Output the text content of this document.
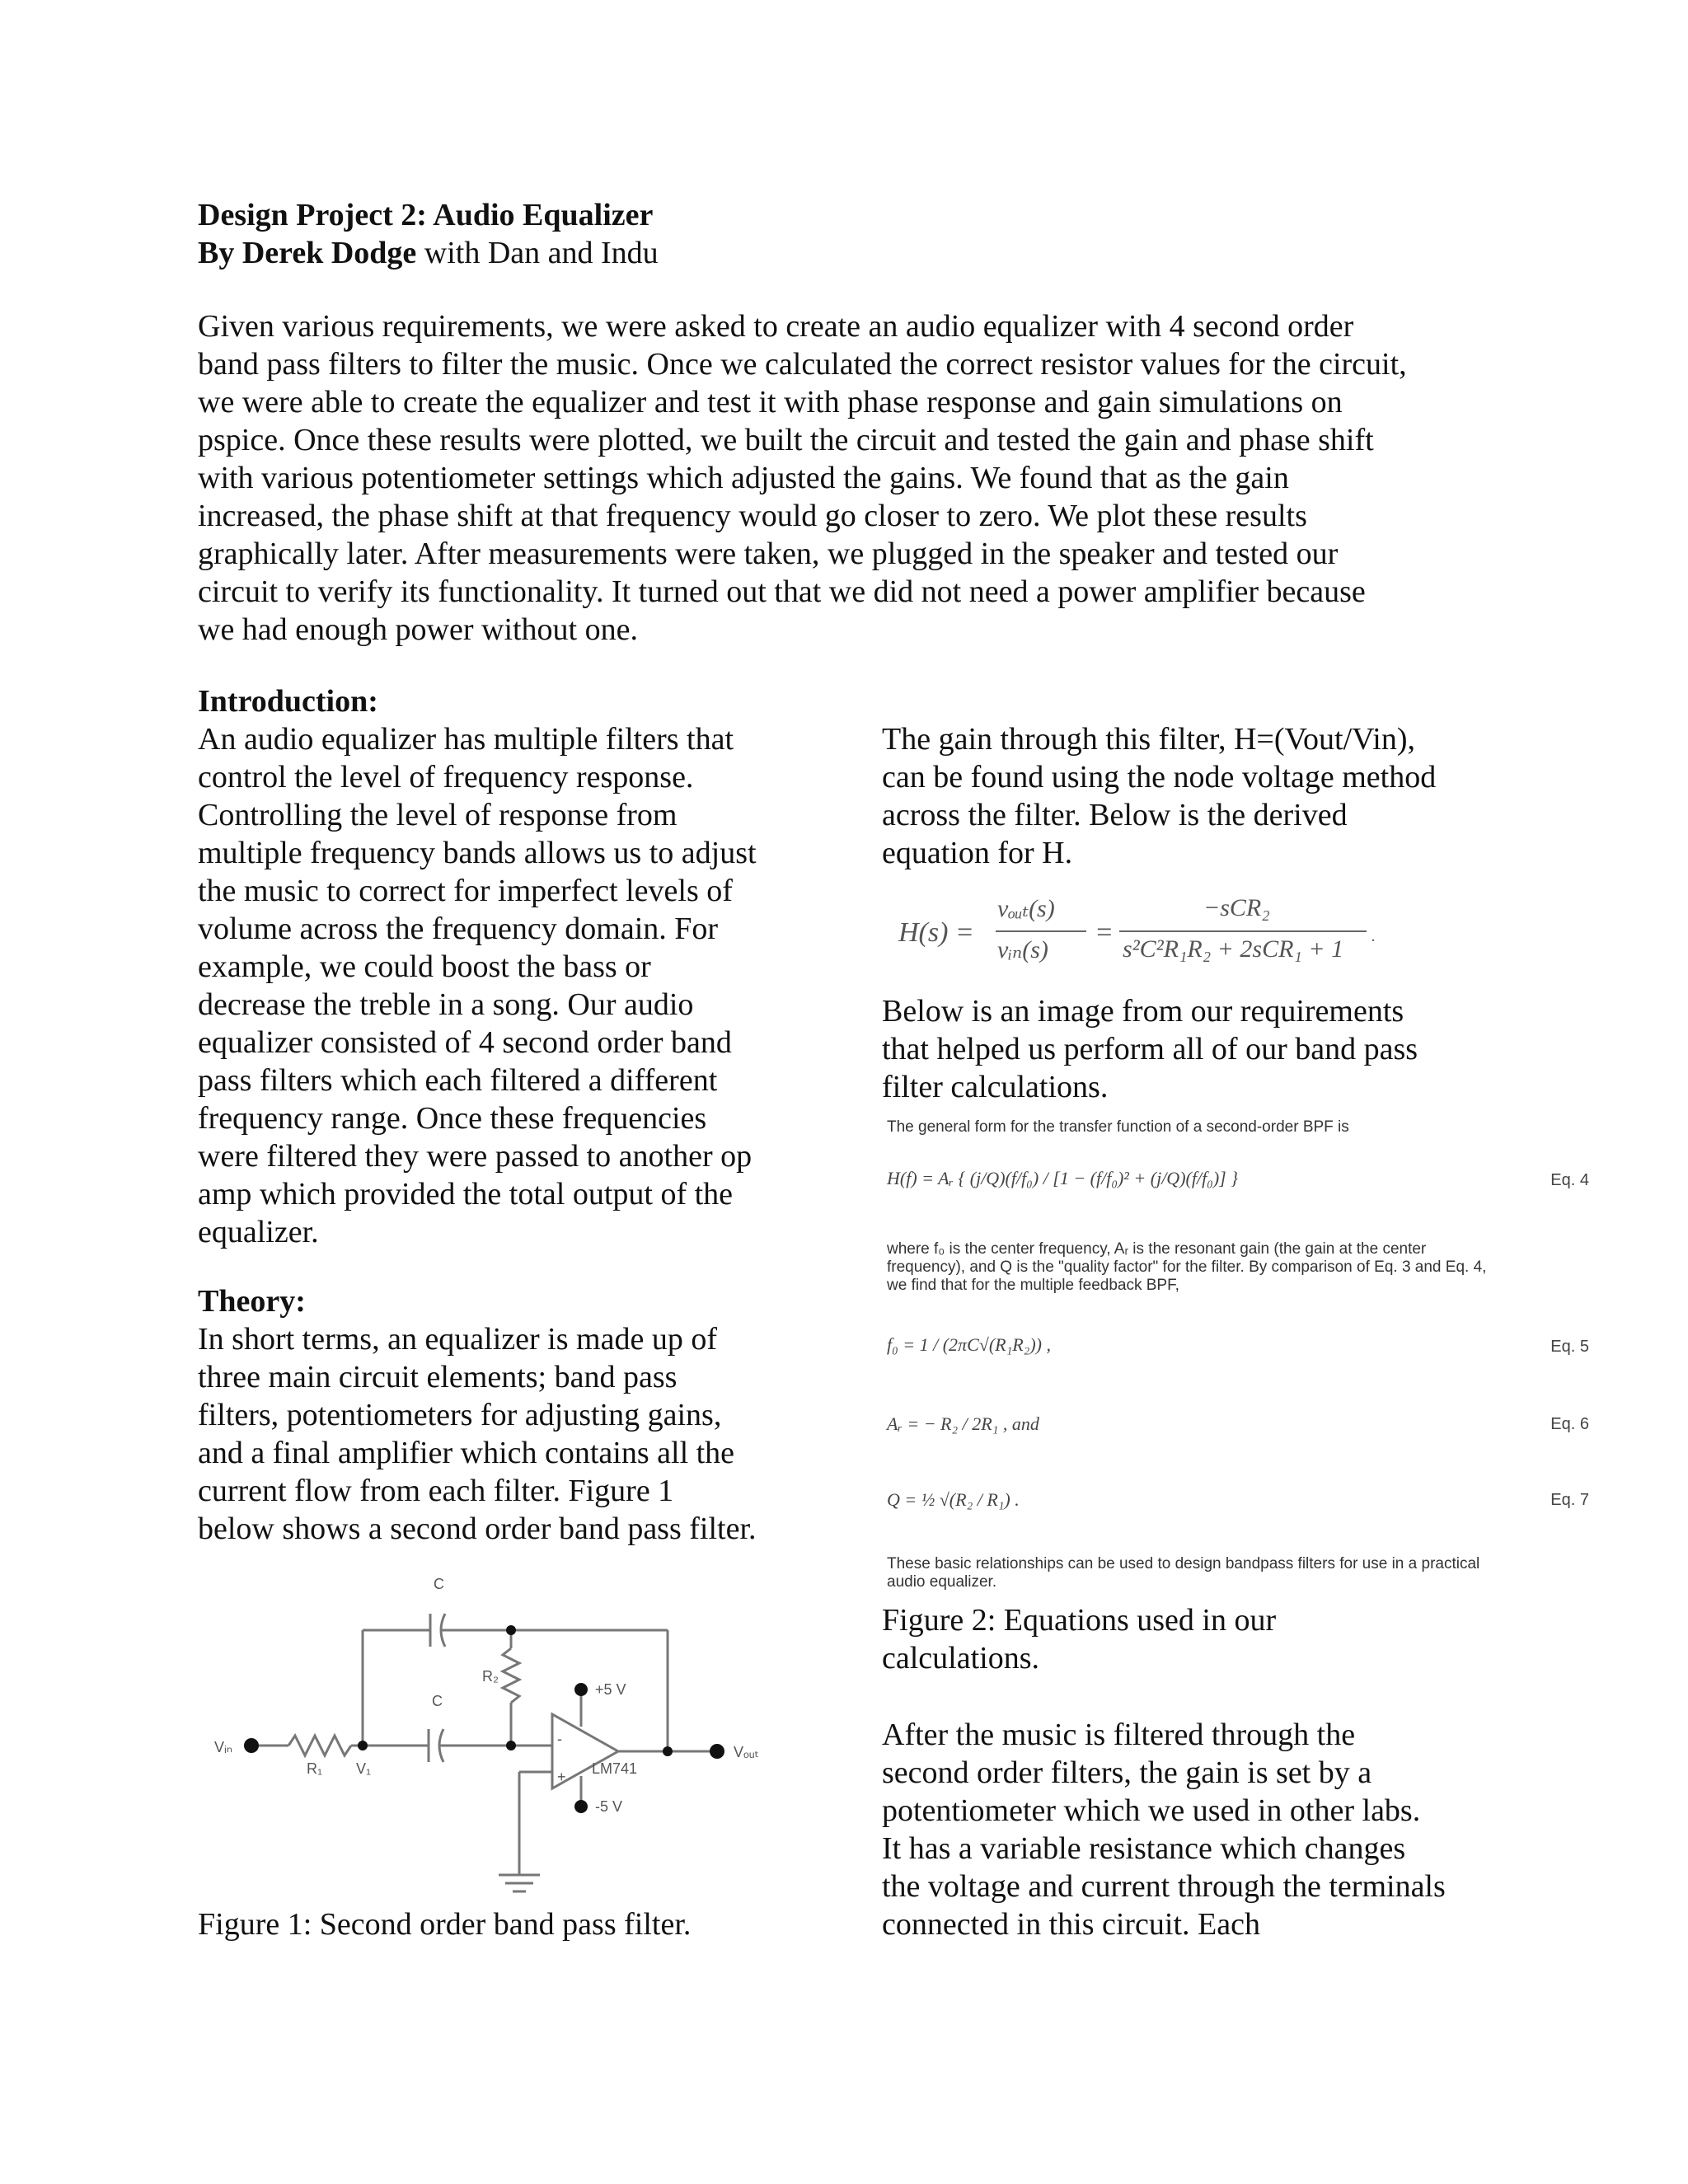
Design Project 2: Audio Equalizer

By Derek Dodge with Dan and Indu

Given various requirements, we were asked to create an audio equalizer with 4 second order

band pass filters to filter the music. Once we calculated the correct resistor values for the circuit,

we were able to create the equalizer and test it with phase response and gain simulations on

pspice. Once these results were plotted, we built the circuit and tested the gain and phase shift

with various potentiometer settings which adjusted the gains. We found that as the gain

increased, the phase shift at that frequency would go closer to zero. We plot these results

graphically later. After measurements were taken, we plugged in the speaker and tested our

circuit to verify its functionality. It turned out that we did not need a power amplifier because

we had enough power without one.

Introduction:

An audio equalizer has multiple filters that

control the level of frequency response.

Controlling the level of response from

multiple frequency bands allows us to adjust

the music to correct for imperfect levels of

volume across the frequency domain. For

example, we could boost the bass or

decrease the treble in a song. Our audio

equalizer consisted of 4 second order band

pass filters which each filtered a different

frequency range. Once these frequencies

were filtered they were passed to another op

amp which provided the total output of the

equalizer.

Theory:

In short terms, an equalizer is made up of

three main circuit elements; band pass

filters, potentiometers for adjusting gains,

and a final amplifier which contains all the

current flow from each filter. Figure 1

below shows a second order band pass filter.

C
C
R₂
R₁ V₁
Vᵢₙ	Vₒᵤₜ
+5 V
-5 V
LM741
-
+

Figure 1: Second order band pass filter.

The gain through this filter, H=(Vout/Vin),

can be found using the node voltage method

across the filter. Below is the derived

equation for H.

H(s) =
vₒᵤₜ(s)
vᵢₙ(s)
=
−sCR₂
s²C²R₁R₂ + 2sCR₁ + 1 .

Below is an image from our requirements

that helped us perform all of our band pass

filter calculations.

The general form for the transfer function of a second-order BPF is

H(f) = Aᵣ { (j/Q)(f/f₀) / [1 − (f/f₀)² + (j/Q)(f/f₀)] }	Eq. 4

where f₀ is the center frequency, Aᵣ is the resonant gain (the gain at the center

frequency), and Q is the "quality factor" for the filter. By comparison of Eq. 3 and Eq. 4,

we find that for the multiple feedback BPF,

f₀ = 1 / (2πC√(R₁R₂)) ,	Eq. 5
Aᵣ = − R₂ / 2R₁ , and	Eq. 6
Q = ½ √(R₂ / R₁) .	Eq. 7

These basic relationships can be used to design bandpass filters for use in a practical

audio equalizer.

Figure 2: Equations used in our

calculations.

After the music is filtered through the

second order filters, the gain is set by a

potentiometer which we used in other labs.

It has a variable resistance which changes

the voltage and current through the terminals

connected in this circuit. Each
